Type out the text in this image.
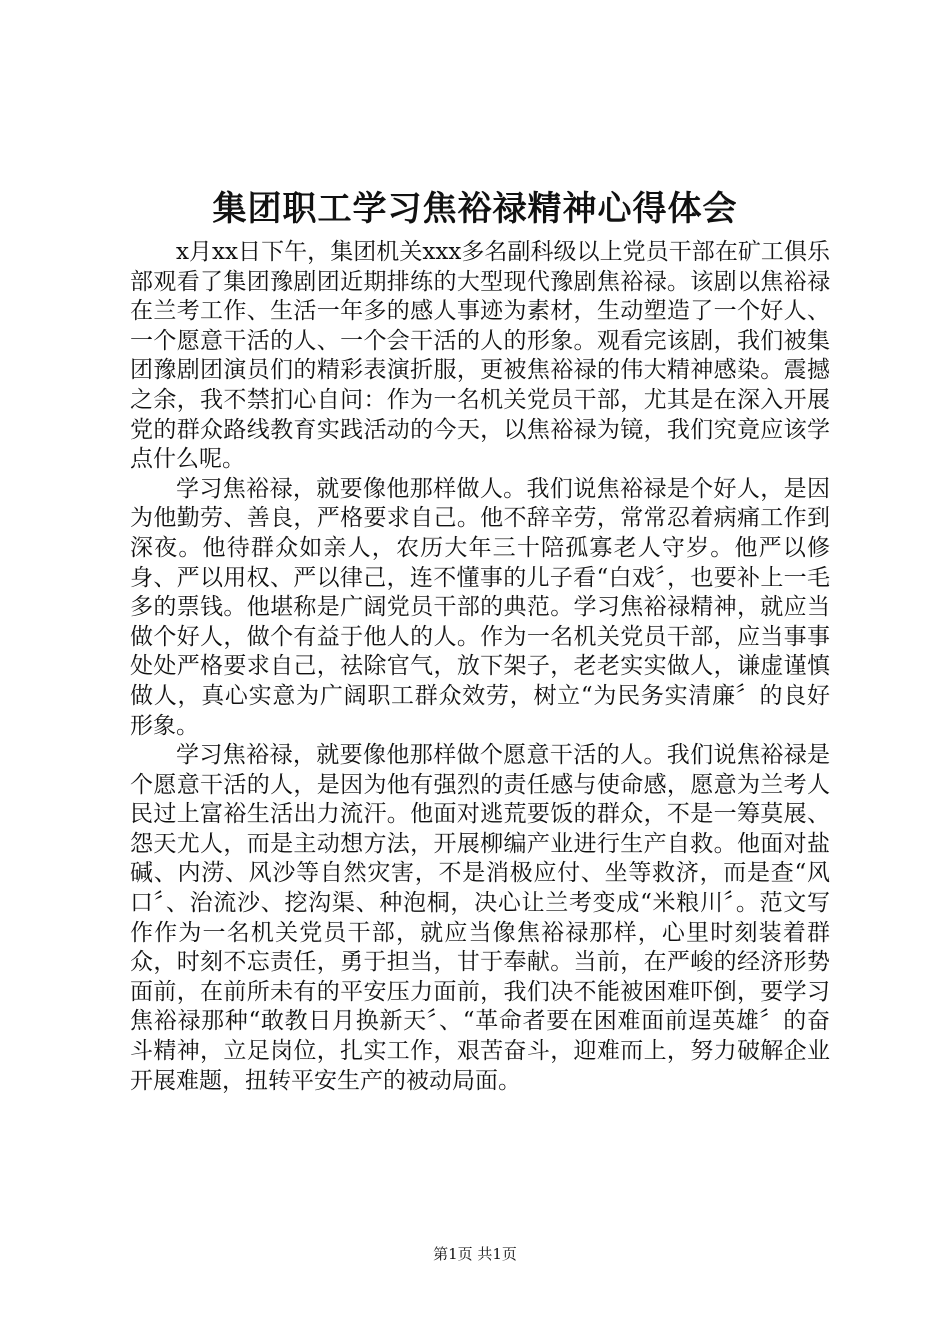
集团职工学习焦裕禄精神心得体会

x月xx日下午，集团机关xxx多名副科级以上党员干部在矿工俱乐部观看了集团豫剧团近期排练的大型现代豫剧焦裕禄。该剧以焦裕禄在兰考工作、生活一年多的感人事迹为素材，生动塑造了一个好人、一个愿意干活的人、一个会干活的人的形象。观看完该剧，我们被集团豫剧团演员们的精彩表演折服，更被焦裕禄的伟大精神感染。震撼之余，我不禁扪心自问：作为一名机关党员干部，尤其是在深入开展党的群众路线教育实践活动的今天，以焦裕禄为镜，我们究竟应该学点什么呢。

学习焦裕禄，就要像他那样做人。我们说焦裕禄是个好人，是因为他勤劳、善良，严格要求自己。他不辞辛劳，常常忍着病痛工作到深夜。他待群众如亲人，农历大年三十陪孤寡老人守岁。他严以修身、严以用权、严以律己，连不懂事的儿子看“白戏〞，也要补上一毛多的票钱。他堪称是广阔党员干部的典范。学习焦裕禄精神，就应当做个好人，做个有益于他人的人。作为一名机关党员干部，应当事事处处严格要求自己，祛除官气，放下架子，老老实实做人，谦虚谨慎做人，真心实意为广阔职工群众效劳，树立“为民务实清廉〞的良好形象。

学习焦裕禄，就要像他那样做个愿意干活的人。我们说焦裕禄是个愿意干活的人，是因为他有强烈的责任感与使命感，愿意为兰考人民过上富裕生活出力流汗。他面对逃荒要饭的群众，不是一筹莫展、怨天尤人，而是主动想方法，开展柳编产业进行生产自救。他面对盐碱、内涝、风沙等自然灾害，不是消极应付、坐等救济，而是查“风口〞、治流沙、挖沟渠、种泡桐，决心让兰考变成“米粮川〞。范文写作作为一名机关党员干部，就应当像焦裕禄那样，心里时刻装着群众，时刻不忘责任，勇于担当，甘于奉献。当前，在严峻的经济形势面前，在前所未有的平安压力面前，我们决不能被困难吓倒，要学习焦裕禄那种“敢教日月换新天〞、“革命者要在困难面前逞英雄〞的奋斗精神，立足岗位，扎实工作，艰苦奋斗，迎难而上，努力破解企业开展难题，扭转平安生产的被动局面。

第1页 共1页
